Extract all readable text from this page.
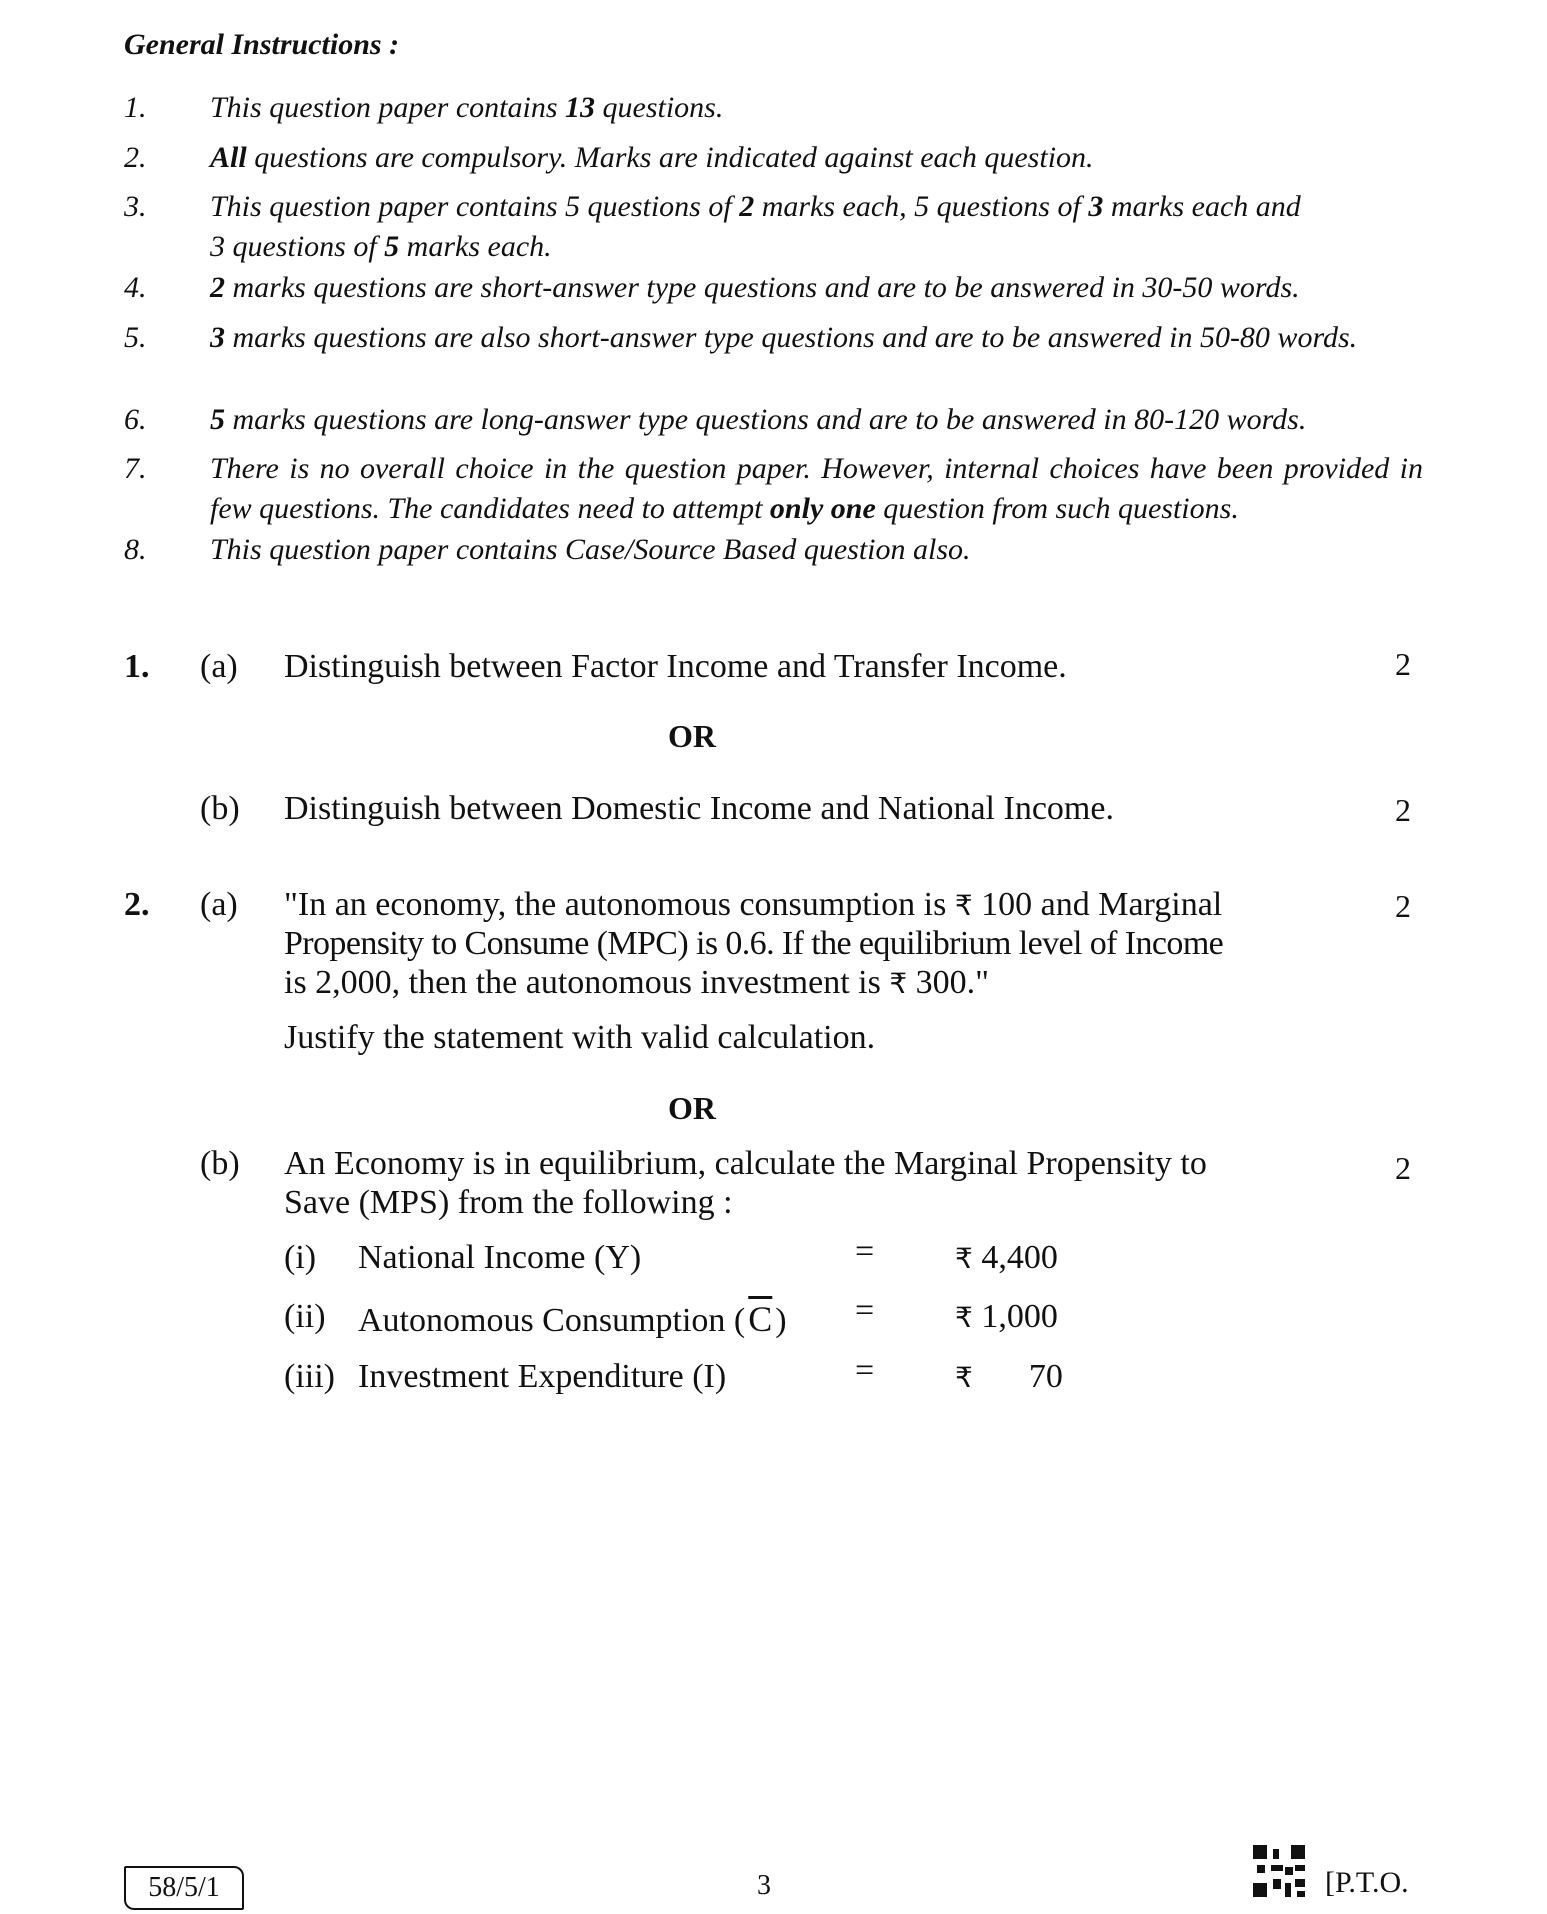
General Instructions :
1. This question paper contains 13 questions.
2. All questions are compulsory. Marks are indicated against each question.
3. This question paper contains 5 questions of 2 marks each, 5 questions of 3 marks each and
3 questions of 5 marks each.
4. 2 marks questions are short-answer type questions and are to be answered in 30-50 words.
5. 3 marks questions are also short-answer type questions and are to be answered in 50-80 words.
6. 5 marks questions are long-answer type questions and are to be answered in 80-120 words.
7. There is no overall choice in the question paper. However, internal choices have been provided in few questions. The candidates need to attempt only one question from such questions.
8. This question paper contains Case/Source Based question also.
1. (a) Distinguish between Factor Income and Transfer Income.	2
OR
(b) Distinguish between Domestic Income and National Income.	2
2. (a) "In an economy, the autonomous consumption is ₹ 100 and Marginal
Propensity to Consume (MPC) is 0.6. If the equilibrium level of Income
is 2,000, then the autonomous investment is ₹ 300."
2
Justify the statement with valid calculation.
OR
(b) An Economy is in equilibrium, calculate the Marginal Propensity to
Save (MPS) from the following :
2
(i) National Income (Y)	=	₹ 4,400
(ii) Autonomous Consumption $(\overline{C})$ =	₹ 1,000
(iii) Investment Expenditure (I)	=	₹ 70
58/5/1	3	[P.T.O.
